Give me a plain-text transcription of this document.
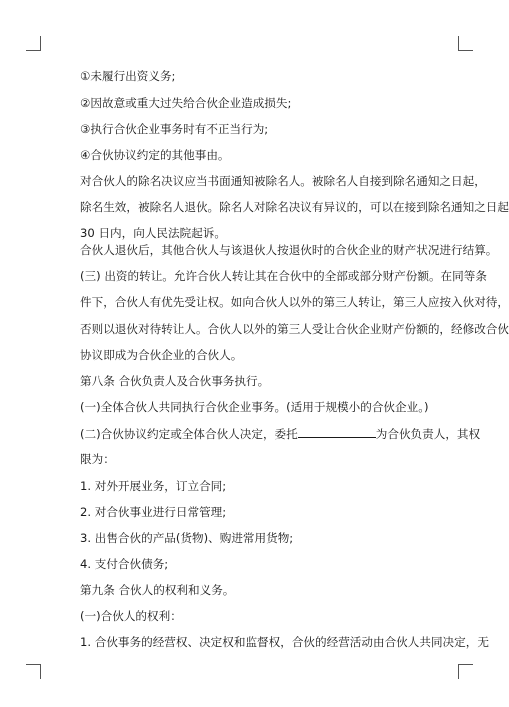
①未履行出资义务;
②因故意或重大过失给合伙企业造成损失;
③执行合伙企业事务时有不正当行为;
④合伙协议约定的其他事由。
对合伙人的除名决议应当书面通知被除名人。被除名人自接到除名通知之日起，
除名生效，被除名人退伙。除名人对除名决议有异议的，可以在接到除名通知之日起
30 日内，向人民法院起诉。
合伙人退伙后，其他合伙人与该退伙人按退伙时的合伙企业的财产状况进行结算。
(三) 出资的转让。允许合伙人转让其在合伙中的全部或部分财产份额。在同等条
件下，合伙人有优先受让权。如向合伙人以外的第三人转让，第三人应按入伙对待，
否则以退伙对待转让人。合伙人以外的第三人受让合伙企业财产份额的，经修改合伙
协议即成为合伙企业的合伙人。
第八条 合伙负责人及合伙事务执行。
(一)全体合伙人共同执行合伙企业事务。(适用于规模小的合伙企业。)
(二)合伙协议约定或全体合伙人决定，委托	为合伙负责人，其权
限为：
1. 对外开展业务，订立合同;
2. 对合伙事业进行日常管理;
3. 出售合伙的产品(货物)、购进常用货物;
4. 支付合伙债务;
第九条 合伙人的权利和义务。
(一)合伙人的权利：
1. 合伙事务的经营权、决定权和监督权，合伙的经营活动由合伙人共同决定，无
